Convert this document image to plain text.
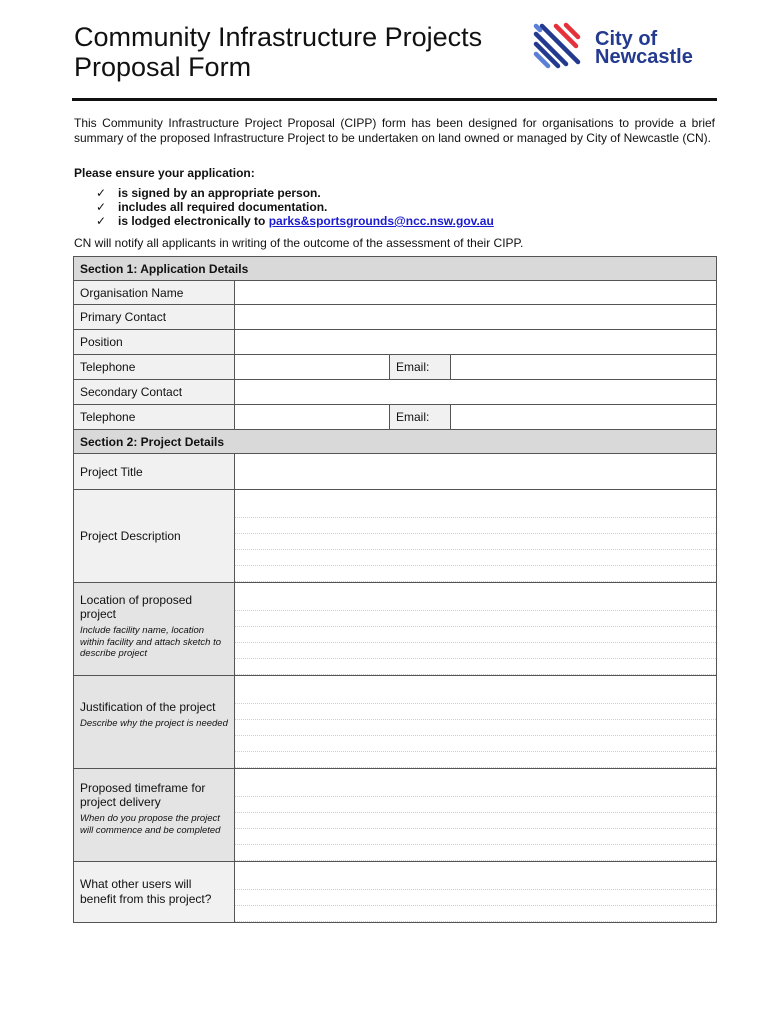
Community Infrastructure Projects
Proposal Form
City of
Newcastle
This Community Infrastructure Project Proposal (CIPP) form has been designed for organisations to provide a brief summary of the proposed Infrastructure Project to be undertaken on land owned or managed by City of Newcastle (CN).
Please ensure your application:
✓ is signed by an appropriate person.
✓ includes all required documentation.
✓ is lodged electronically to parks&sportsgrounds@ncc.nsw.gov.au
CN will notify all applicants in writing of the outcome of the assessment of their CIPP.
Section 1: Application Details			
Organisation Name			
Primary Contact			
Position			
Telephone		Email:	
Secondary Contact			
Telephone		Email:	
Section 2: Project Details			
Project Title			
Project Description			

Location of proposed project
Include facility name, location within facility and attach sketch to describe project			

Justification of the project
Describe why the project is needed			

Proposed timeframe for project delivery
When do you propose the project will commence and be completed			

What other users will benefit from this project?			
